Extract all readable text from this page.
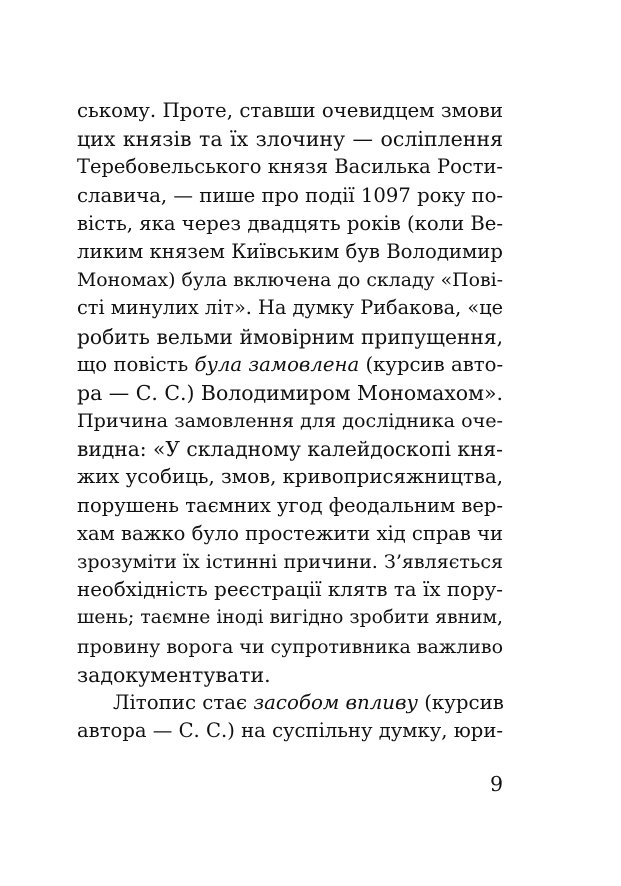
ському. Проте, ставши очевидцем змови
цих князів та їх злочину — осліплення
Теребовельського князя Василька Рости-
славича, — пише про події 1097 року по-
вість, яка через двадцять років (коли Ве-
ликим князем Київським був Володимир
Мономах) була включена до складу «Пові-
сті минулих літ». На думку Рибакова, «це
робить вельми ймовірним припущення,
що повість була замовлена (курсив авто-
ра — С. С.) Володимиром Мономахом».
Причина замовлення для дослідника оче-
видна: «У складному калейдоскопі кня-
жих усобиць, змов, кривоприсяжництва,
порушень таємних угод феодальним вер-
хам важко було простежити хід справ чи
зрозуміти їх істинні причини. З’являється
необхідність реєстрації клятв та їх пору-
шень; таємне іноді вигідно зробити явним,
провину ворога чи супротивника важливо
задокументувати.
Літопис стає засобом впливу (курсив
автора — С. С.) на суспільну думку, юри-
9
